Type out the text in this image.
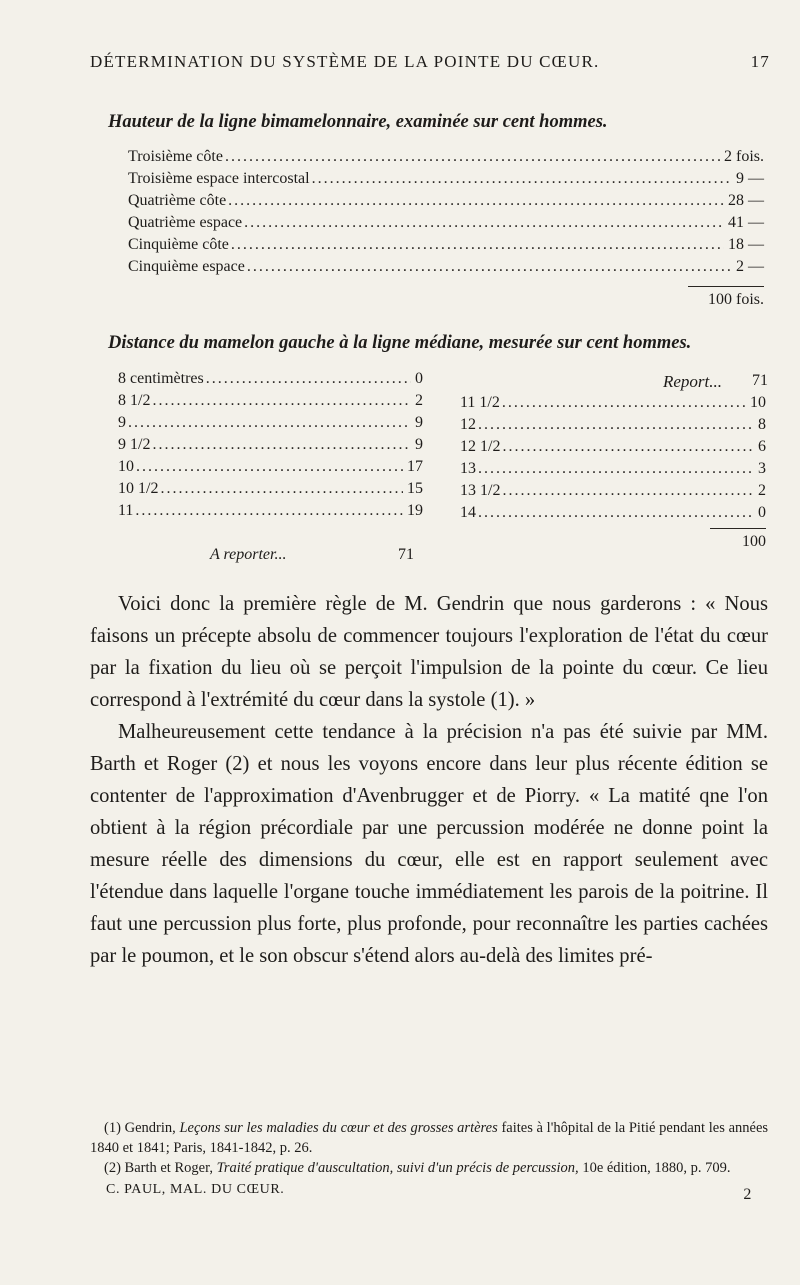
DÉTERMINATION DU SYSTÈME DE LA POINTE DU CŒUR.	17
Hauteur de la ligne bimamelonnaire, examinée sur cent hommes.
Troisième côte .....	2 fois.
Troisième espace intercostal .....	9 —
Quatrième côte .....	28 —
Quatrième espace .....	41 —
Cinquième côte .....	18 —
Cinquième espace .....	2 —
100 fois.
Distance du mamelon gauche à la ligne médiane, mesurée sur cent hommes.
8 centimètres .....	0
8 1/2 .....	2
9 .....	9
9 1/2 .....	9
10 .....	17
10 1/2 .....	15
11 .....	19
A reporter...	71
Report... 71
11 1/2 .....	10
12 .....	8
12 1/2 .....	6
13 .....	3
13 1/2 .....	2
14 .....	0
100

Voici donc la première règle de M. Gendrin que nous garderons : « Nous faisons un précepte absolu de commencer toujours l'exploration de l'état du cœur par la fixation du lieu où se perçoit l'impulsion de la pointe du cœur. Ce lieu correspond à l'extrémité du cœur dans la systole (1). »

Malheureusement cette tendance à la précision n'a pas été suivie par MM. Barth et Roger (2) et nous les voyons encore dans leur plus récente édition se contenter de l'approximation d'Avenbrugger et de Piorry. « La matité qne l'on obtient à la région précordiale par une percussion modérée ne donne point la mesure réelle des dimensions du cœur, elle est en rapport seulement avec l'étendue dans laquelle l'organe touche immédiatement les parois de la poitrine. Il faut une percussion plus forte, plus profonde, pour reconnaître les parties cachées par le poumon, et le son obscur s'étend alors au-delà des limites pré-

(1) Gendrin, Leçons sur les maladies du cœur et des grosses artères faites à l'hôpital de la Pitié pendant les années 1840 et 1841; Paris, 1841-1842, p. 26.

(2) Barth et Roger, Traité pratique d'auscultation, suivi d'un précis de percussion, 10e édition, 1880, p. 709.

C. PAUL, MAL. DU CŒUR.	2
